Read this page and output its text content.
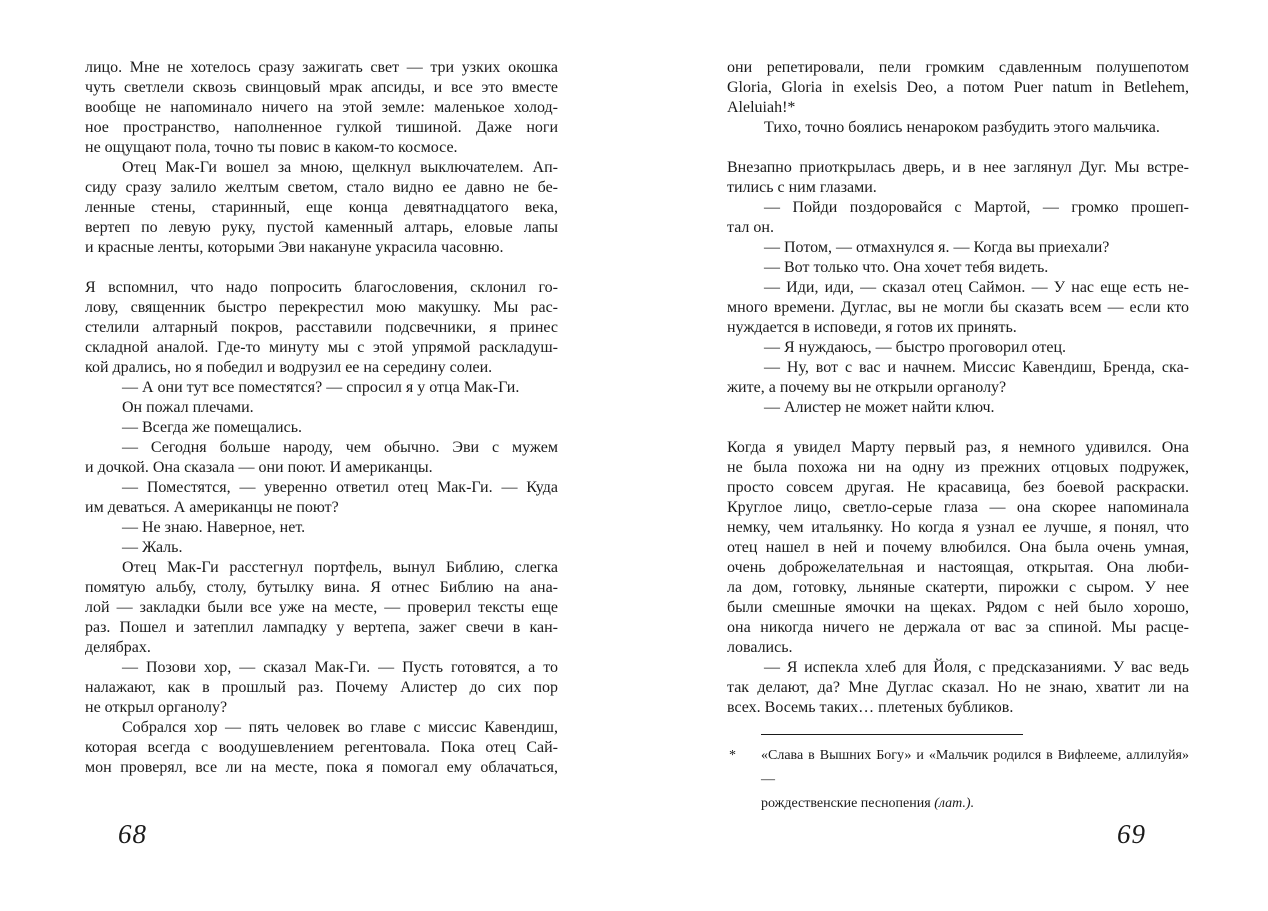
лицо. Мне не хотелось сразу зажигать свет — три узких окошка
чуть светлели сквозь свинцовый мрак апсиды, и все это вместе
вообще не напоминало ничего на этой земле: маленькое холод-
ное пространство, наполненное гулкой тишиной. Даже ноги
не ощущают пола, точно ты повис в каком-то космосе.
Отец Мак-Ги вошел за мною, щелкнул выключателем. Ап-
сиду сразу залило желтым светом, стало видно ее давно не бе-
ленные стены, старинный, еще конца девятнадцатого века,
вертеп по левую руку, пустой каменный алтарь, еловые лапы
и красные ленты, которыми Эви накануне украсила часовню.
Я вспомнил, что надо попросить благословения, склонил го-
лову, священник быстро перекрестил мою макушку. Мы рас-
стелили алтарный покров, расставили подсвечники, я принес
складной аналой. Где-то минуту мы с этой упрямой раскладуш-
кой дрались, но я победил и водрузил ее на середину солеи.
— А они тут все поместятся? — спросил я у отца Мак-Ги.
Он пожал плечами.
— Всегда же помещались.
— Сегодня больше народу, чем обычно. Эви с мужем
и дочкой. Она сказала — они поют. И американцы.
— Поместятся, — уверенно ответил отец Мак-Ги. — Куда
им деваться. А американцы не поют?
— Не знаю. Наверное, нет.
— Жаль.
Отец Мак-Ги расстегнул портфель, вынул Библию, слегка
помятую альбу, столу, бутылку вина. Я отнес Библию на ана-
лой — закладки были все уже на месте, — проверил тексты еще
раз. Пошел и затеплил лампадку у вертепа, зажег свечи в кан-
делябрах.
— Позови хор, — сказал Мак-Ги. — Пусть готовятся, а то
налажают, как в прошлый раз. Почему Алистер до сих пор
не открыл органолу?
Собрался хор — пять человек во главе с миссис Кавендиш,
которая всегда с воодушевлением регентовала. Пока отец Сай-
мон проверял, все ли на месте, пока я помогал ему облачаться,
они репетировали, пели громким сдавленным полушепотом
Gloria, Gloria in exelsis Deo, а потом Puer natum in Betlehem,
Aleluiah!*
Тихо, точно боялись ненароком разбудить этого мальчика.
Внезапно приоткрылась дверь, и в нее заглянул Дуг. Мы встре-
тились с ним глазами.
— Пойди поздоровайся с Мартой, — громко прошеп-
тал он.
— Потом, — отмахнулся я. — Когда вы приехали?
— Вот только что. Она хочет тебя видеть.
— Иди, иди, — сказал отец Саймон. — У нас еще есть не-
много времени. Дуглас, вы не могли бы сказать всем — если кто
нуждается в исповеди, я готов их принять.
— Я нуждаюсь, — быстро проговорил отец.
— Ну, вот с вас и начнем. Миссис Кавендиш, Бренда, ска-
жите, а почему вы не открыли органолу?
— Алистер не может найти ключ.
Когда я увидел Марту первый раз, я немного удивился. Она
не была похожа ни на одну из прежних отцовых подружек,
просто совсем другая. Не красавица, без боевой раскраски.
Круглое лицо, светло-серые глаза — она скорее напоминала
немку, чем итальянку. Но когда я узнал ее лучше, я понял, что
отец нашел в ней и почему влюбился. Она была очень умная,
очень доброжелательная и настоящая, открытая. Она люби-
ла дом, готовку, льняные скатерти, пирожки с сыром. У нее
были смешные ямочки на щеках. Рядом с ней было хорошо,
она никогда ничего не держала от вас за спиной. Мы расце-
ловались.
— Я испекла хлеб для Йоля, с предсказаниями. У вас ведь
так делают, да? Мне Дуглас сказал. Но не знаю, хватит ли на
всех. Восемь таких… плетеных бубликов.
* «Слава в Вышних Богу» и «Мальчик родился в Вифлееме, аллилуйя» —
рождественские песнопения (лат.).
68	69
